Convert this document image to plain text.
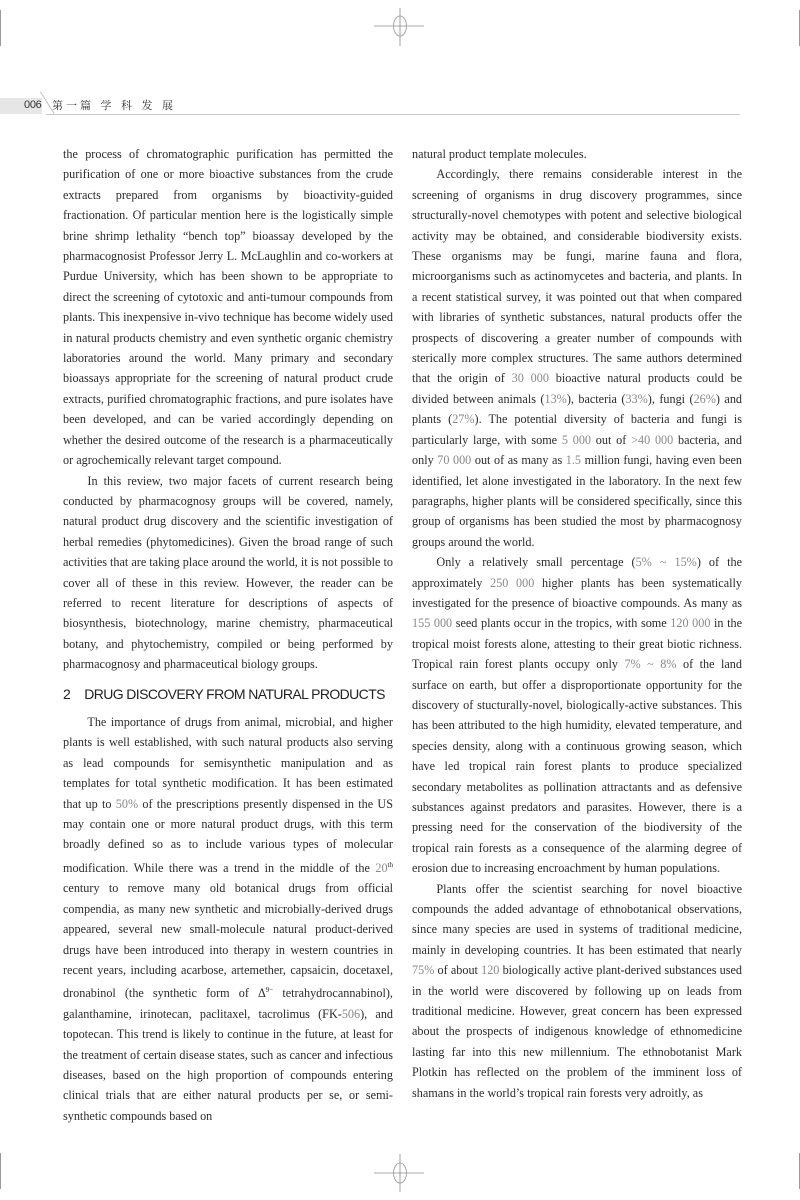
006 第一篇 学 科 发 展

the process of chromatographic purification has permitted the purification of one or more bioactive substances from the crude extracts prepared from organisms by bioactivity-guided fractionation. Of particular mention here is the logistically simple brine shrimp lethality “bench top” bioassay developed by the pharmacognosist Professor Jerry L. McLaughlin and co-workers at Purdue University, which has been shown to be appropriate to direct the screening of cytotoxic and anti-tumour compounds from plants. This inexpensive in-vivo technique has become widely used in natural products chemistry and even synthetic organic chemistry laboratories around the world. Many primary and secondary bioassays appropriate for the screening of natural product crude extracts, purified chromatographic fractions, and pure isolates have been developed, and can be varied accordingly depending on whether the desired outcome of the research is a pharmaceutically or agrochemically relevant target compound.

In this review, two major facets of current research being conducted by pharmacognosy groups will be covered, namely, natural product drug discovery and the scientific investigation of herbal remedies (phytomedicines). Given the broad range of such activities that are taking place around the world, it is not possible to cover all of these in this review. However, the reader can be referred to recent literature for descriptions of aspects of biosynthesis, biotechnology, marine chemistry, pharmaceutical botany, and phytochemistry, compiled or being performed by pharmacognosy and pharmaceutical biology groups.

2 DRUG DISCOVERY FROM NATURAL PRODUCTS

The importance of drugs from animal, microbial, and higher plants is well established, with such natural products also serving as lead compounds for semisynthetic manipulation and as templates for total synthetic modification. It has been estimated that up to 50% of the prescriptions presently dispensed in the US may contain one or more natural product drugs, with this term broadly defined so as to include various types of molecular modification. While there was a trend in the middle of the 20th century to remove many old botanical drugs from official compendia, as many new synthetic and microbially-derived drugs appeared, several new small-molecule natural product-derived drugs have been introduced into therapy in western countries in recent years, including acarbose, artemether, capsaicin, docetaxel, dronabinol (the synthetic form of $\Delta^{9-}$ tetrahydrocannabinol), galanthamine, irinotecan, paclitaxel, tacrolimus (FK-506), and topotecan. This trend is likely to continue in the future, at least for the treatment of certain disease states, such as cancer and infectious diseases, based on the high proportion of compounds entering clinical trials that are either natural products per se, or semi-synthetic compounds based on

natural product template molecules.

Accordingly, there remains considerable interest in the screening of organisms in drug discovery programmes, since structurally-novel chemotypes with potent and selective biological activity may be obtained, and considerable biodiversity exists. These organisms may be fungi, marine fauna and flora, microorganisms such as actinomycetes and bacteria, and plants. In a recent statistical survey, it was pointed out that when compared with libraries of synthetic substances, natural products offer the prospects of discovering a greater number of compounds with sterically more complex structures. The same authors determined that the origin of 30 000 bioactive natural products could be divided between animals (13%), bacteria (33%), fungi (26%) and plants (27%). The potential diversity of bacteria and fungi is particularly large, with some 5 000 out of >40 000 bacteria, and only 70 000 out of as many as 1.5 million fungi, having even been identified, let alone investigated in the laboratory. In the next few paragraphs, higher plants will be considered specifically, since this group of organisms has been studied the most by pharmacognosy groups around the world.

Only a relatively small percentage (5% ~ 15%) of the approximately 250 000 higher plants has been systematically investigated for the presence of bioactive compounds. As many as 155 000 seed plants occur in the tropics, with some 120 000 in the tropical moist forests alone, attesting to their great biotic richness. Tropical rain forest plants occupy only 7% ~ 8% of the land surface on earth, but offer a disproportionate opportunity for the discovery of stucturally-novel, biologically-active substances. This has been attributed to the high humidity, elevated temperature, and species density, along with a continuous growing season, which have led tropical rain forest plants to produce specialized secondary metabolites as pollination attractants and as defensive substances against predators and parasites. However, there is a pressing need for the conservation of the biodiversity of the tropical rain forests as a consequence of the alarming degree of erosion due to increasing encroachment by human populations.

Plants offer the scientist searching for novel bioactive compounds the added advantage of ethnobotanical observations, since many species are used in systems of traditional medicine, mainly in developing countries. It has been estimated that nearly 75% of about 120 biologically active plant-derived substances used in the world were discovered by following up on leads from traditional medicine. However, great concern has been expressed about the prospects of indigenous knowledge of ethnomedicine lasting far into this new millennium. The ethnobotanist Mark Plotkin has reflected on the problem of the imminent loss of shamans in the world’s tropical rain forests very adroitly, as
